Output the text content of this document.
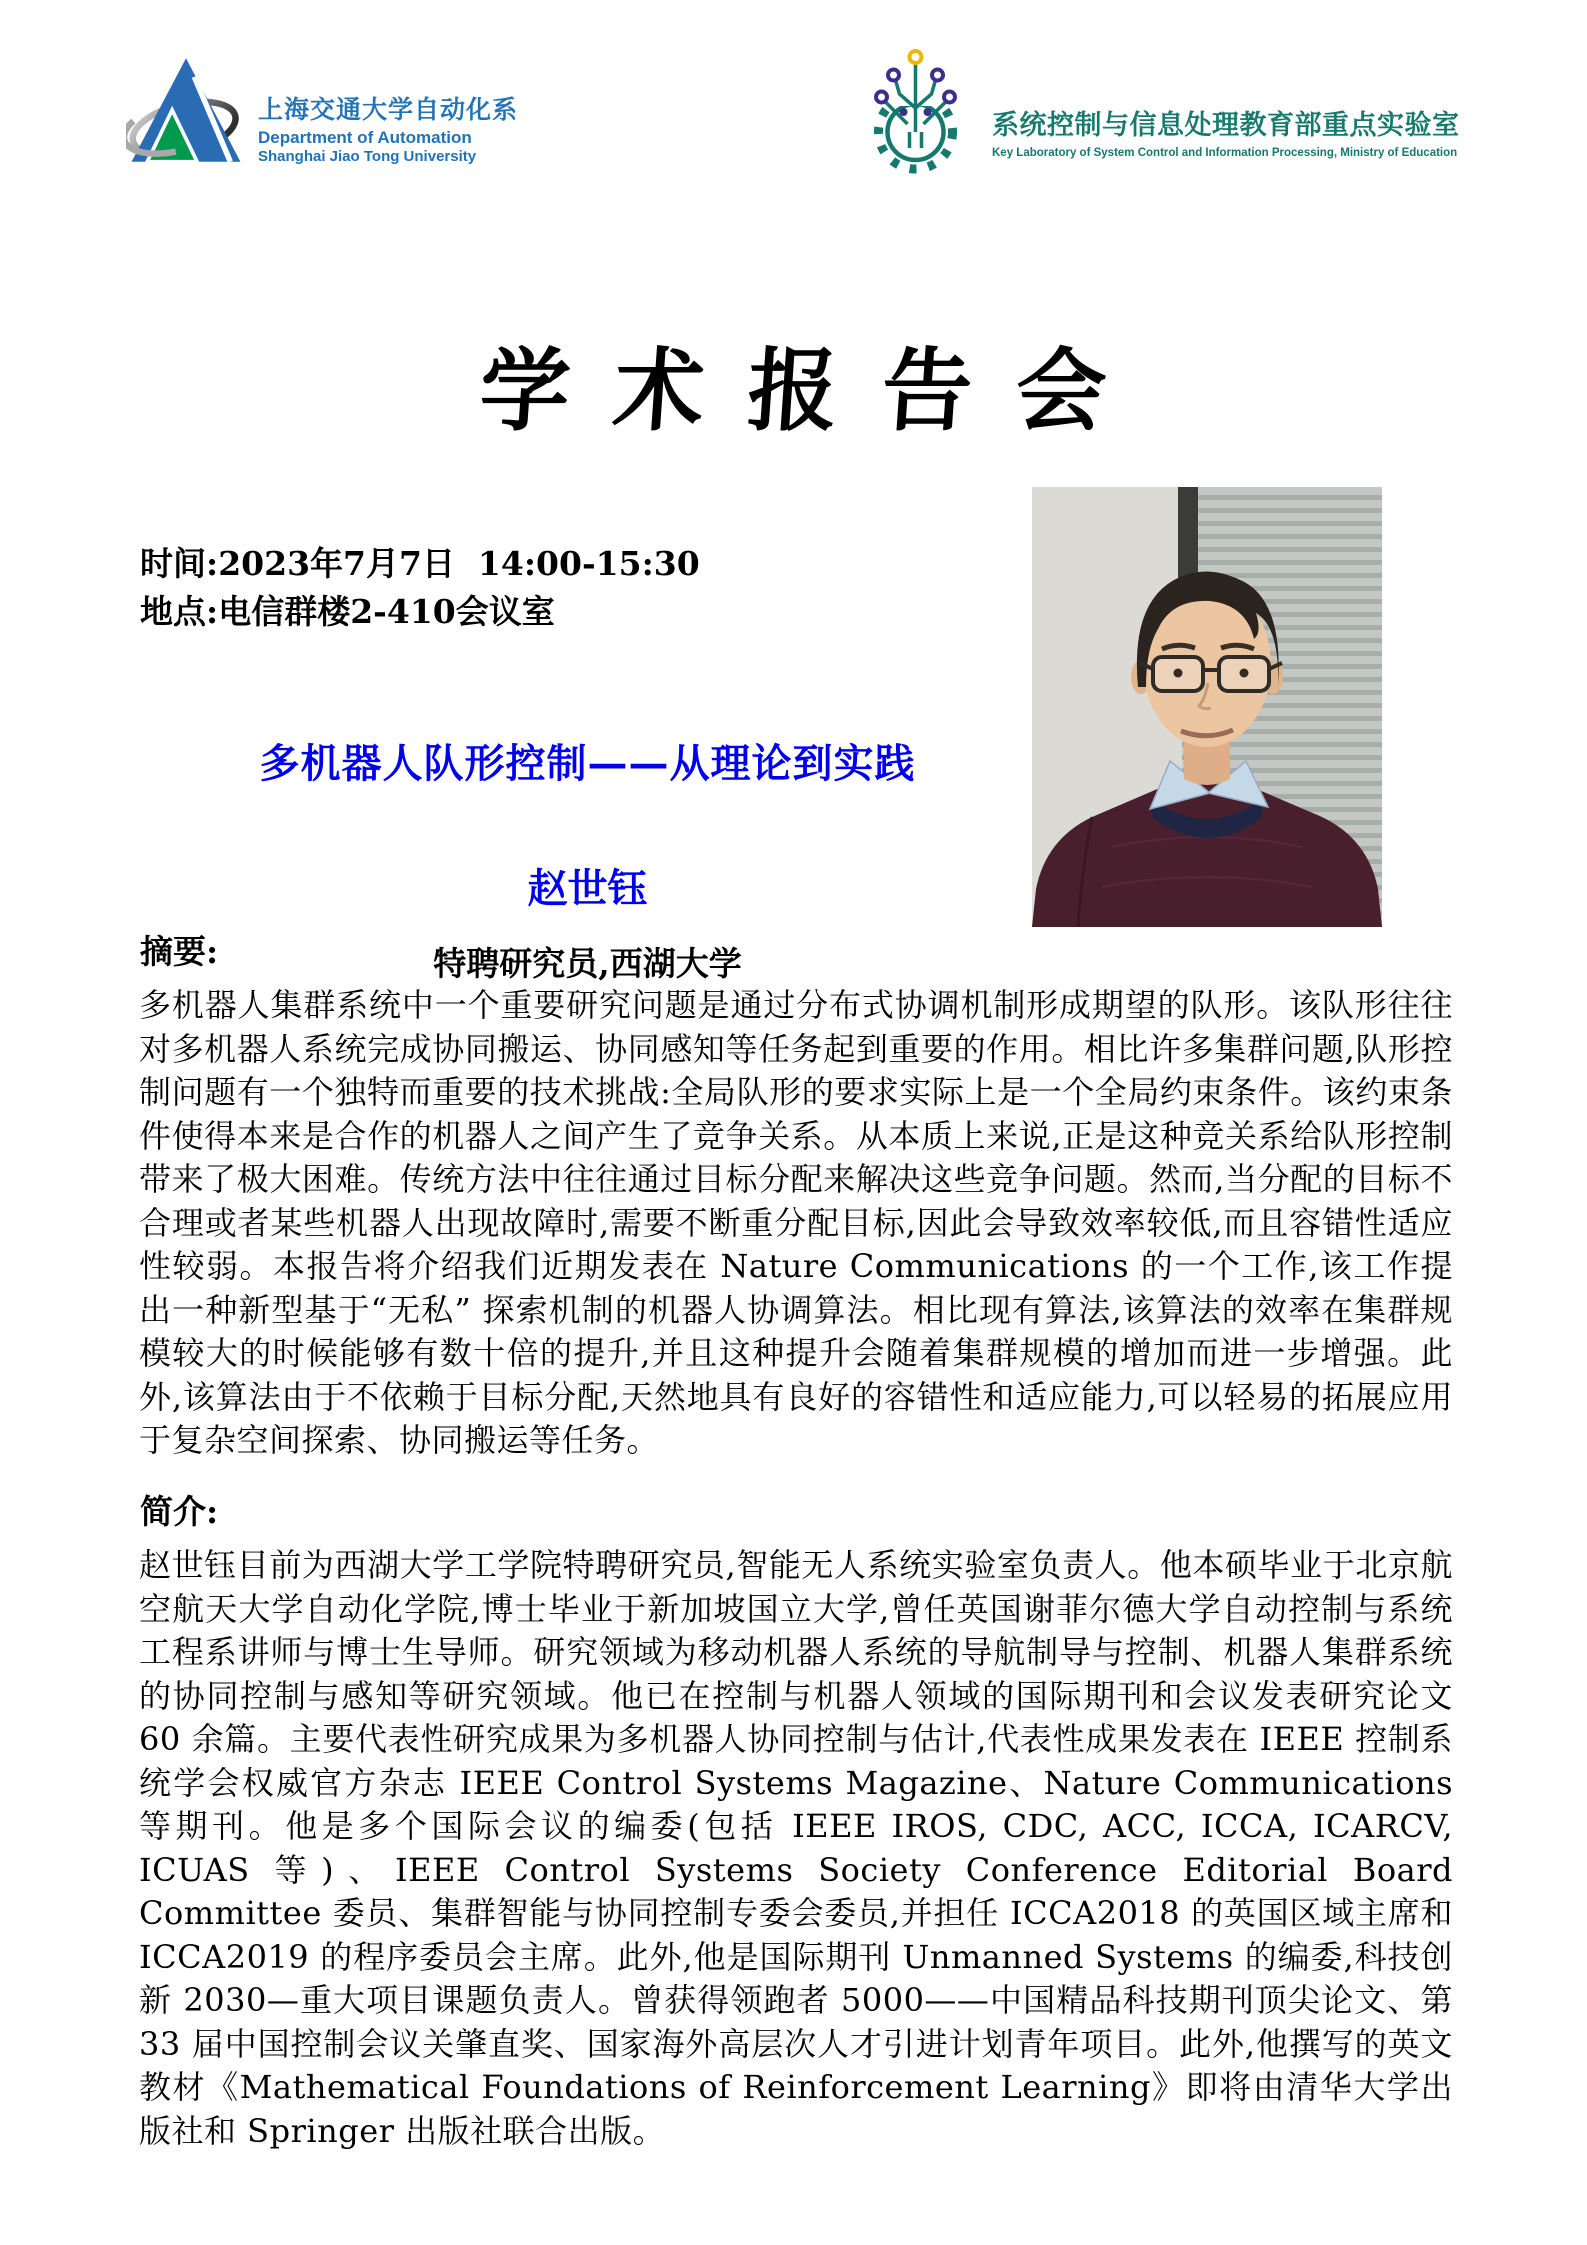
上海交通大学自动化系
Department of Automation
Shanghai Jiao Tong University
系统控制与信息处理教育部重点实验室
Key Laboratory of System Control and Information Processing, Ministry of Education
学术报告会
时间:2023年7月7日  14:00-15:30
地点:电信群楼2-410会议室
多机器人队形控制——从理论到实践
赵世钰
特聘研究员,西湖大学
摘要:
多机器人集群系统中一个重要研究问题是通过分布式协调机制形成期望的队形。该队形往往对多机器人系统完成协同搬运、协同感知等任务起到重要的作用。相比许多集群问题,队形控制问题有一个独特而重要的技术挑战:全局队形的要求实际上是一个全局约束条件。该约束条件使得本来是合作的机器人之间产生了竞争关系。从本质上来说,正是这种竞关系给队形控制带来了极大困难。传统方法中往往通过目标分配来解决这些竞争问题。然而,当分配的目标不合理或者某些机器人出现故障时,需要不断重分配目标,因此会导致效率较低,而且容错性适应性较弱。本报告将介绍我们近期发表在 Nature Communications 的一个工作,该工作提出一种新型基于“无私” 探索机制的机器人协调算法。相比现有算法,该算法的效率在集群规模较大的时候能够有数十倍的提升,并且这种提升会随着集群规模的增加而进一步增强。此外,该算法由于不依赖于目标分配,天然地具有良好的容错性和适应能力,可以轻易的拓展应用于复杂空间探索、协同搬运等任务。
简介:
赵世钰目前为西湖大学工学院特聘研究员,智能无人系统实验室负责人。他本硕毕业于北京航空航天大学自动化学院,博士毕业于新加坡国立大学,曾任英国谢菲尔德大学自动控制与系统工程系讲师与博士生导师。研究领域为移动机器人系统的导航制导与控制、机器人集群系统的协同控制与感知等研究领域。他已在控制与机器人领域的国际期刊和会议发表研究论文 60 余篇。主要代表性研究成果为多机器人协同控制与估计,代表性成果发表在 IEEE 控制系统学会权威官方杂志 IEEE Control Systems Magazine、Nature Communications 等期刊。他是多个国际会议的编委(包括 IEEE IROS, CDC, ACC, ICCA, ICARCV, ICUAS 等)、IEEE Control Systems Society Conference Editorial Board Committee 委员、集群智能与协同控制专委会委员,并担任 ICCA2018 的英国区域主席和 ICCA2019 的程序委员会主席。此外,他是国际期刊 Unmanned Systems 的编委,科技创新 2030—重大项目课题负责人。曾获得领跑者 5000——中国精品科技期刊顶尖论文、第 33 届中国控制会议关肇直奖、国家海外高层次人才引进计划青年项目。此外,他撰写的英文教材《Mathematical Foundations of Reinforcement Learning》即将由清华大学出版社和 Springer 出版社联合出版。
